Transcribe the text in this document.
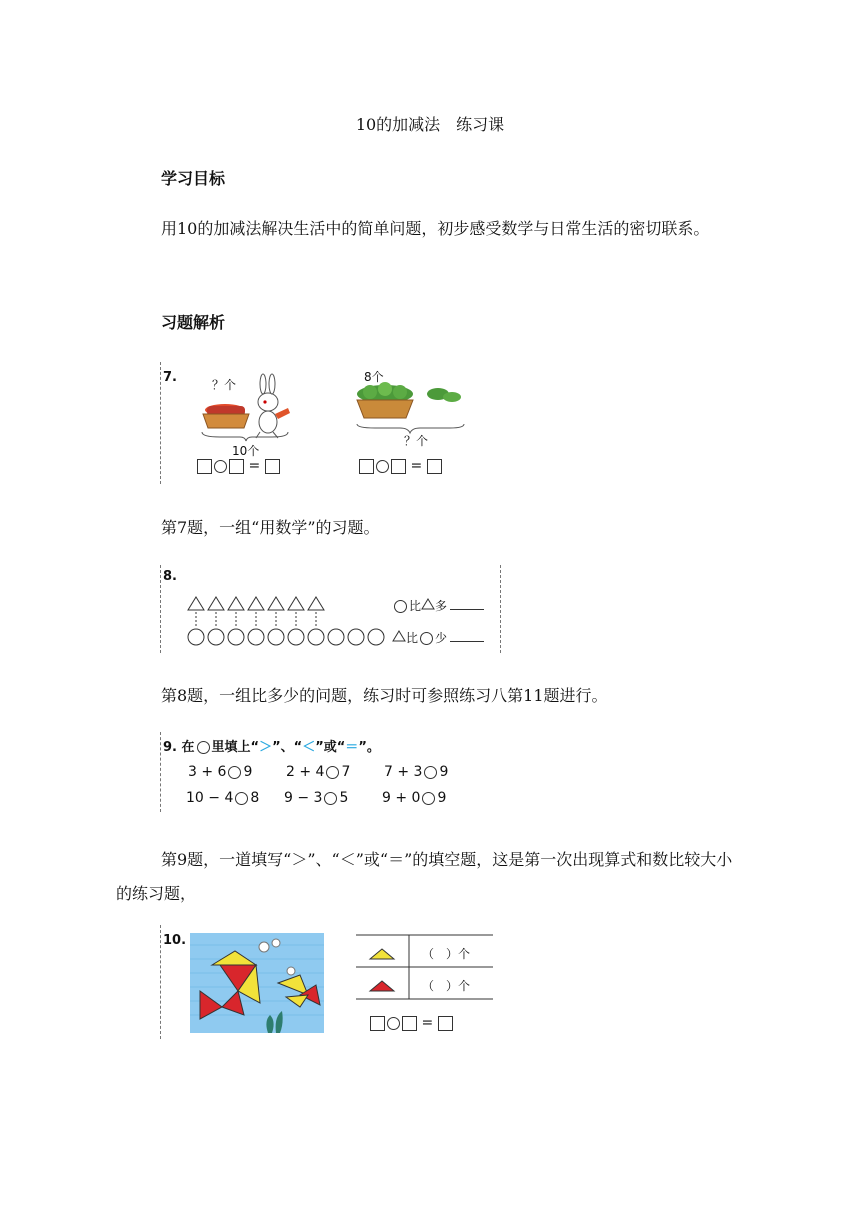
10的加减法　练习课
学习目标
用10的加减法解决生活中的简单问题，初步感受数学与日常生活的密切联系。
习题解析
7.	？个
10个
8个
？个
=	=
第7题，一组“用数学”的习题。
8.
比 多
比 少
第8题，一组比多少的问题，练习时可参照练习八第11题进行。
9. 在 里填上“＞”、“＜”或“＝”。
3 + 6 9 2 + 4 7 7 + 3 9
10 − 4 8 9 − 3 5 9 + 0 9
第9题，一道填写“＞”、“＜”或“＝”的填空题，这是第一次出现算式和数比较大小的练习题，
10.
（　）个
（　）个
=
